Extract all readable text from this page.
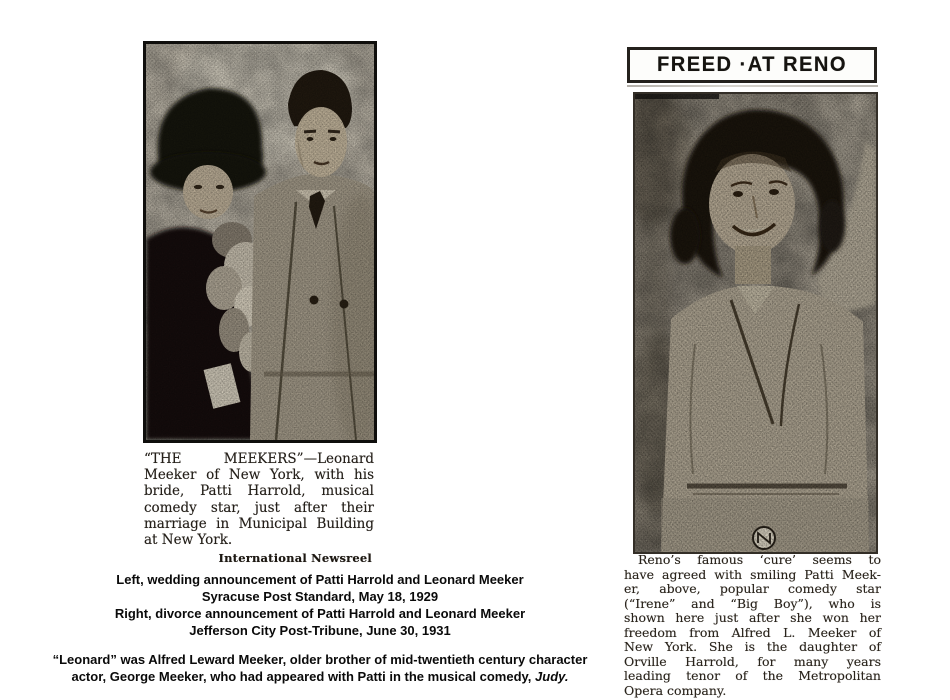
“THE MEEKERS”—Leonard
Meeker of New York, with his
bride, Patti Harrold, musical
comedy star, just after their
marriage in Municipal Building
at New York.
International Newsreel
Left, wedding announcement of Patti Harrold and Leonard Meeker
Syracuse Post Standard, May 18, 1929
Right, divorce announcement of Patti Harrold and Leonard Meeker
Jefferson City Post-Tribune, June 30, 1931
“Leonard” was Alfred Leward Meeker, older brother of mid-twentieth century character
actor, George Meeker, who had appeared with Patti in the musical comedy, Judy.
FREED ·AT RENO
Reno’s famous ‘cure’ seems to
have agreed with smiling Patti Meek-
er, above, popular comedy star
(“Irene” and “Big Boy”), who is
shown here just after she won her
freedom from Alfred L. Meeker of
New York. She is the daughter of
Orville Harrold, for many years
leading tenor of the Metropolitan
Opera company.
